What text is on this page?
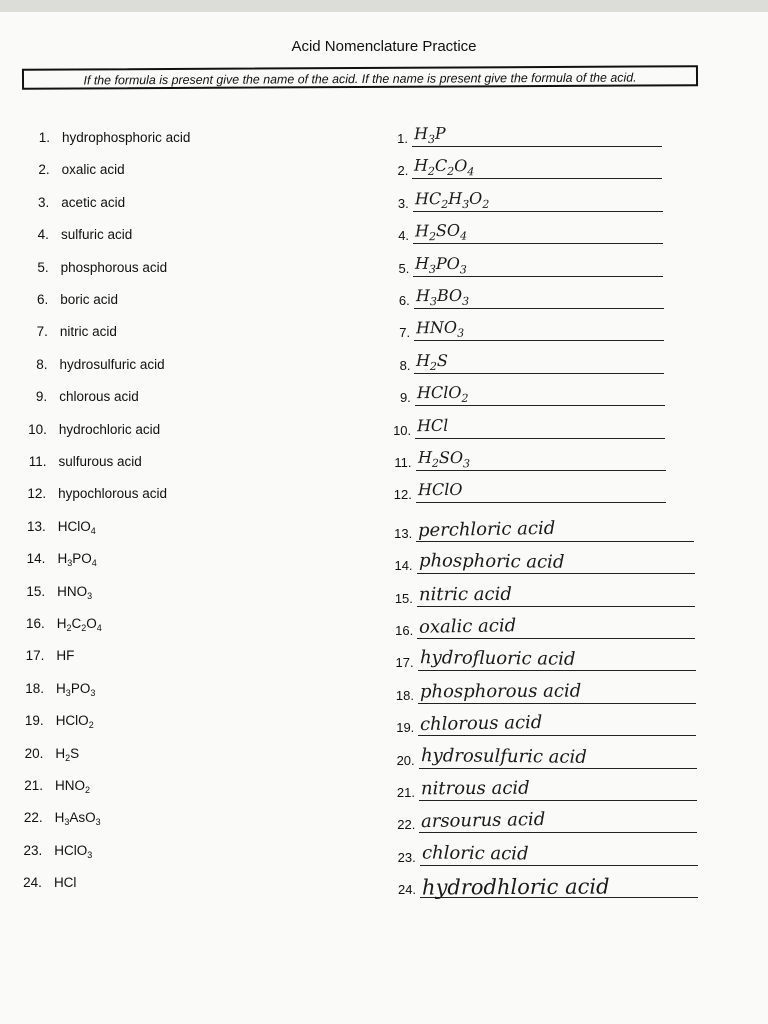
Acid Nomenclature Practice
If the formula is present give the name of the acid. If the name is present give the formula of the acid.
1. hydrophosphoric acid
2. oxalic acid
3. acetic acid
4. sulfuric acid
5. phosphorous acid
6. boric acid
7. nitric acid
8. hydrosulfuric acid
9. chlorous acid
10. hydrochloric acid
11. sulfurous acid
12. hypochlorous acid
13. HClO$_4$
14. $H_3PO_4$
15. $HNO_3$
16. $H_2C_2O_4$
17. HF
18. $H_3PO_3$
19. HClO$_2$
20. $H_2S$
21. $HNO_2$
22. $H_3AsO_3$
23. HClO$_3$
24. HCl
1. $H_3P$
2. $H_2C_2O_4$
3. $HC_2H_3O_2$
4. $H_2SO_4$
5. $H_3PO_3$
6. $H_3BO_3$
7. $HNO_3$
8. $H_2S$
9. HClO$_2$
10. HCl
11. $H_2SO_3$
12. HClO
13. perchloric acid
14. phosphoric acid
15. nitric acid
16. oxalic acid
17. hydrofluoric acid
18. phosphorous acid
19. chlorous acid
20. hydrosulfuric acid
21. nitrous acid
22. arsourus acid
23. chloric acid
24. hydrodhloric acid
